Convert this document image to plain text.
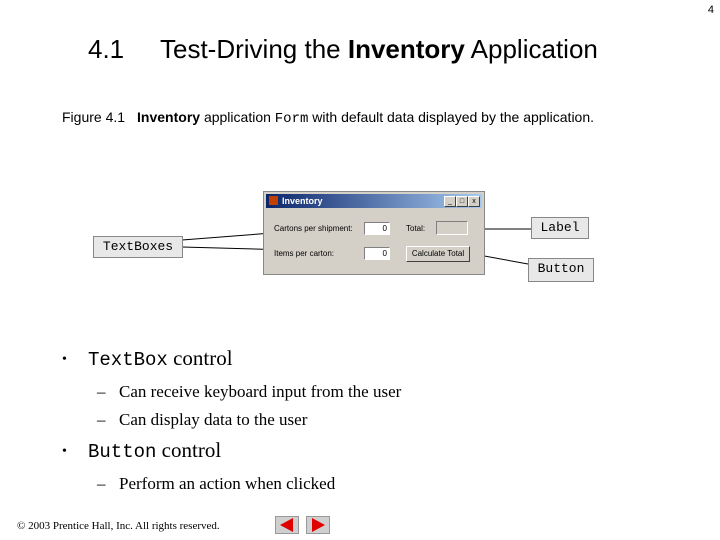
4
4.1 Test-Driving the Inventory Application
Figure 4.1 Inventory application Form with default data displayed by the application.
Inventory	_	□	x
Cartons per shipment:	0
Items per carton:	0
Total:
Calculate Total
Label
TextBoxes
Button
• TextBox control
– Can receive keyboard input from the user
– Can display data to the user
• Button control
– Perform an action when clicked
© 2003 Prentice Hall, Inc. All rights reserved.
